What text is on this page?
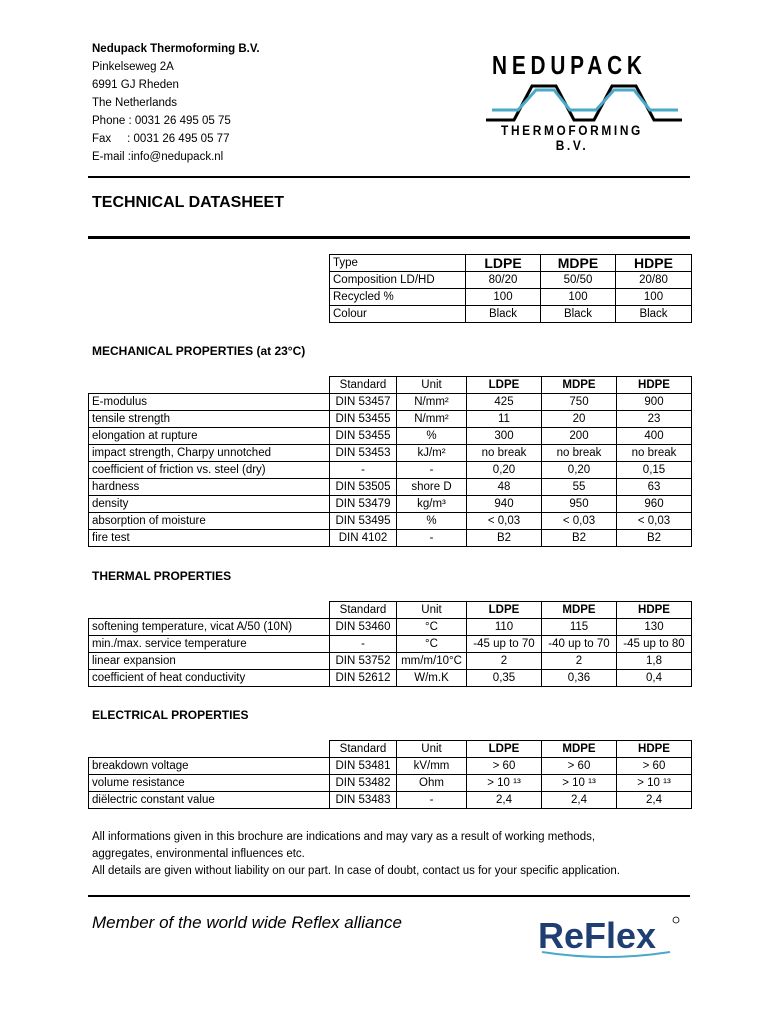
Nedupack Thermoforming B.V.
Pinkelseweg 2A
6991 GJ Rheden
The Netherlands
Phone : 0031 26 495 05 75
Fax     : 0031 26 495 05 77
E-mail :info@nedupack.nl
NEDUPACK
THERMOFORMING B.V.
TECHNICAL DATASHEET
Type	LDPE	MDPE	HDPE
Composition LD/HD	80/20	50/50	20/80
Recycled %	100	100	100
Colour	Black	Black	Black
MECHANICAL PROPERTIES (at 23°C)
	Standard	Unit	LDPE	MDPE	HDPE
E-modulus	DIN 53457	N/mm²	425	750	900
tensile strength	DIN 53455	N/mm²	11	20	23
elongation at rupture	DIN 53455	%	300	200	400
impact strength, Charpy unnotched	DIN 53453	kJ/m²	no break	no break	no break
coefficient of friction vs. steel (dry)	-	-	0,20	0,20	0,15
hardness	DIN 53505	shore D	48	55	63
density	DIN 53479	kg/m³	940	950	960
absorption of moisture	DIN 53495	%	< 0,03	< 0,03	< 0,03
fire test	DIN 4102	-	B2	B2	B2
THERMAL PROPERTIES
	Standard	Unit	LDPE	MDPE	HDPE
softening temperature, vicat A/50 (10N)	DIN 53460	°C	110	115	130
min./max. service temperature	-	°C	-45 up to 70	-40 up to 70	-45 up to 80
linear expansion	DIN 53752	mm/m/10°C	2	2	1,8
coefficient of heat conductivity	DIN 52612	W/m.K	0,35	0,36	0,4
ELECTRICAL PROPERTIES
	Standard	Unit	LDPE	MDPE	HDPE
breakdown voltage	DIN 53481	kV/mm	> 60	> 60	> 60
volume resistance	DIN 53482	Ohm	> 10 ¹³	> 10 ¹³	> 10 ¹³
diëlectric constant value	DIN 53483	-	2,4	2,4	2,4
All informations given in this brochure are indications and may vary as a result of working methods,
aggregates, environmental influences etc.
All details are given without liability on our part. In case of doubt, contact us for your specific application.
Member of the world wide Reflex alliance	ReFlex
